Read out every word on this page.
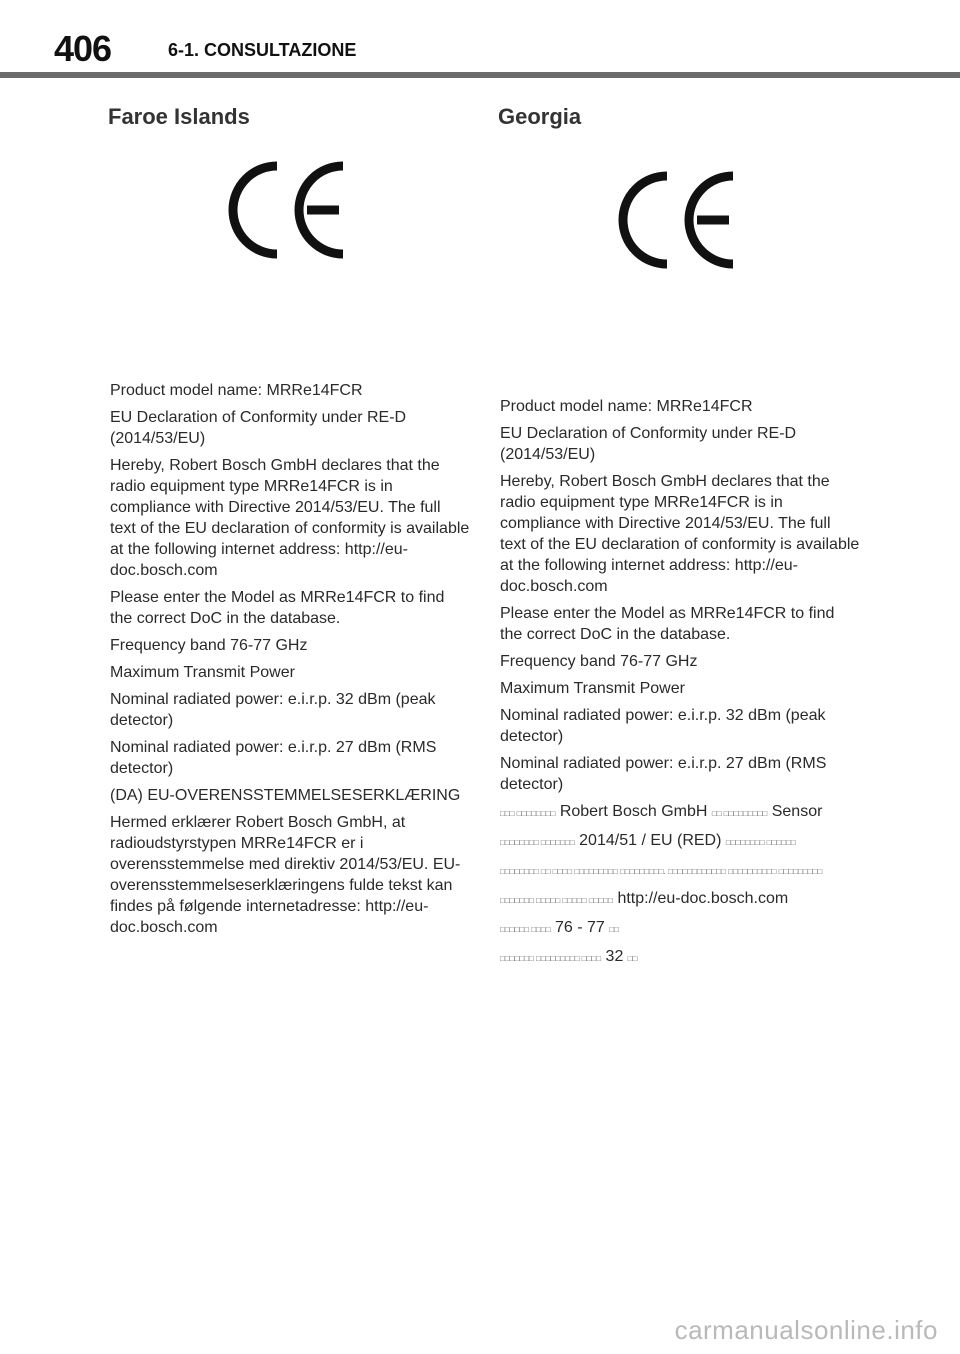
406	6-1. CONSULTAZIONE
Faroe Islands

Product model name: MRRe14FCR

EU Declaration of Conformity under RE-D (2014/53/EU)

Hereby, Robert Bosch GmbH declares that the radio equipment type MRRe14FCR is in compliance with Directive 2014/53/EU. The full text of the EU declaration of conformity is available at the following internet address: http://eu-doc.bosch.com

Please enter the Model as MRRe14FCR to find the correct DoC in the database.

Frequency band 76-77 GHz

Maximum Transmit Power

Nominal radiated power: e.i.r.p. 32 dBm (peak detector)

Nominal radiated power: e.i.r.p. 27 dBm (RMS detector)

(DA) EU-OVERENSSTEMMELSESERKLÆRING

Hermed erklærer Robert Bosch GmbH, at radioudstyrstypen MRRe14FCR er i overensstemmelse med direktiv 2014/53/EU. EU-overensstemmelseserklæringens fulde tekst kan findes på følgende internetadresse: http://eu-doc.bosch.com

Georgia

Product model name: MRRe14FCR

EU Declaration of Conformity under RE-D (2014/53/EU)

Hereby, Robert Bosch GmbH declares that the radio equipment type MRRe14FCR is in compliance with Directive 2014/53/EU. The full text of the EU declaration of conformity is available at the following internet address: http://eu-doc.bosch.com

Please enter the Model as MRRe14FCR to find the correct DoC in the database.

Frequency band 76-77 GHz

Maximum Transmit Power

Nominal radiated power: e.i.r.p. 32 dBm (peak detector)

Nominal radiated power: e.i.r.p. 27 dBm (RMS detector)

□□□ □□□□□□□□ Robert Bosch GmbH □□ □□□□□□□□□ Sensor

□□□□□□□□ □□□□□□□ 2014/51 / EU (RED) □□□□□□□□ □□□□□□

□□□□□□□□ □□ □□□□ □□□□□□□□□ □□□□□□□□□. □□□□□□□□□□□□ □□□□□□□□□□ □□□□□□□□□

□□□□□□□ □□□□□ □□□□□ □□□□□ http://eu-doc.bosch.com

□□□□□□ □□□□ 76 - 77 □□

□□□□□□□ □□□□□□□□□ □□□□ 32 □□

carmanualsonline.info
